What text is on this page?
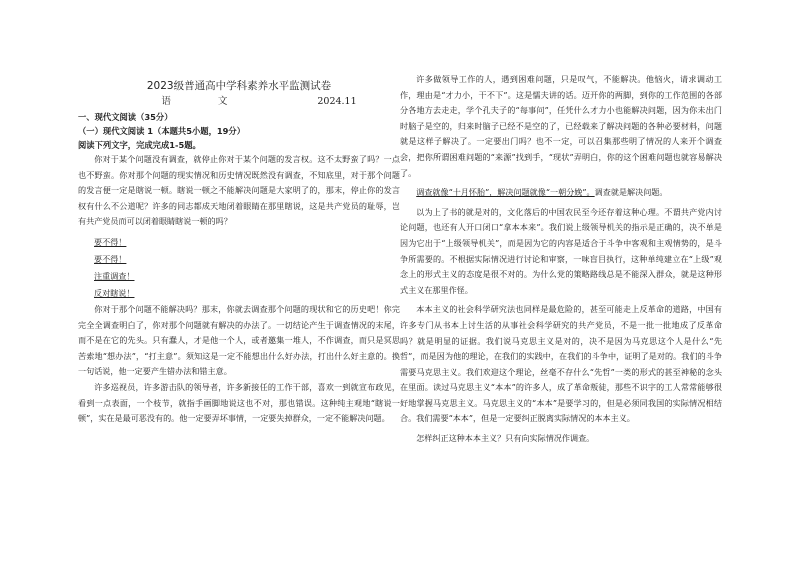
2023级普通高中学科素养水平监测试卷
语 文	2024.11
一、现代文阅读（35分）
（一）现代文阅读 1（本题共5小题，19分）
阅读下列文字，完成完成1-5题。

你对于某个问题没有调查，就停止你对于某个问题的发言权。这不太野蛮了吗？一点也不野蛮。你对那个问题的现实情况和历史情况既然没有调查，不知底里，对于那个问题的发言便一定是瞎说一顿。瞎说一顿之不能解决问题是大家明了的，那末，停止你的发言权有什么不公道呢？许多的同志都成天地闭着眼睛在那里瞎说，这是共产党员的耻辱，岂有共产党员而可以闭着眼睛瞎说一顿的吗？

要不得！
要不得！
注重调查！
反对瞎说！

你对于那个问题不能解决吗？那末，你就去调查那个问题的现状和它的历史吧！你完完全全调查明白了，你对那个问题就有解决的办法了。一切结论产生于调查情况的末尾，而不是在它的先头。只有蠢人，才是他一个人，或者邀集一堆人，不作调查，而只是冥思苦索地“想办法”，“打主意”。须知这是一定不能想出什么好办法，打出什么好主意的。换一句话说，他一定要产生错办法和错主意。

许多巡视员，许多游击队的领导者，许多新接任的工作干部，喜欢一到就宣布政见，看到一点表面，一个枝节，就指手画脚地说这也不对，那也错误。这种纯主观地“瞎说一顿”，实在是最可恶没有的。他一定要弄坏事情，一定要失掉群众，一定不能解决问题。

许多做领导工作的人，遇到困难问题，只是叹气，不能解决。他恼火，请求调动工作，理由是“才力小，干不下”。这是懦夫讲的话。迈开你的两脚，到你的工作范围的各部分各地方去走走，学个孔夫子的“每事问”，任凭什么才力小也能解决问题，因为你未出门时脑子是空的，归来时脑子已经不是空的了，已经载来了解决问题的各种必要材料，问题就是这样子解决了。一定要出门吗？也不一定，可以召集那些明了情况的人来开个调查会，把你所谓困难问题的“来源”找到手，“现状”弄明白，你的这个困难问题也就容易解决了。

调查就像“十月怀胎”，解决问题就像“一朝分娩”。调查就是解决问题。

以为上了书的就是对的，文化落后的中国农民至今还存着这种心理。不谓共产党内讨论问题，也还有人开口闭口“拿本本来”。我们说上级领导机关的指示是正确的，决不单是因为它出于“上级领导机关”，而是因为它的内容是适合于斗争中客观和主观情势的，是斗争所需要的。不根据实际情况进行讨论和审察，一味盲目执行，这种单纯建立在“上级”观念上的形式主义的态度是很不对的。为什么党的策略路线总是不能深入群众，就是这种形式主义在那里作怪。

本本主义的社会科学研究法也同样是最危险的，甚至可能走上反革命的道路，中国有许多专门从书本上讨生活的从事社会科学研究的共产党员，不是一批一批地成了反革命吗？就是明显的证据。我们说马克思主义是对的，决不是因为马克思这个人是什么“先哲”，而是因为他的理论，在我们的实践中，在我们的斗争中，证明了是对的。我们的斗争需要马克思主义。我们欢迎这个理论，丝毫不存什么“先哲”一类的形式的甚至神秘的念头在里面。读过马克思主义“本本”的许多人，成了革命叛徒，那些不识字的工人常常能够很好地掌握马克思主义。马克思主义的“本本”是要学习的，但是必须同我国的实际情况相结合。我们需要“本本”，但是一定要纠正脱离实际情况的本本主义。

怎样纠正这种本本主义？只有向实际情况作调查。
